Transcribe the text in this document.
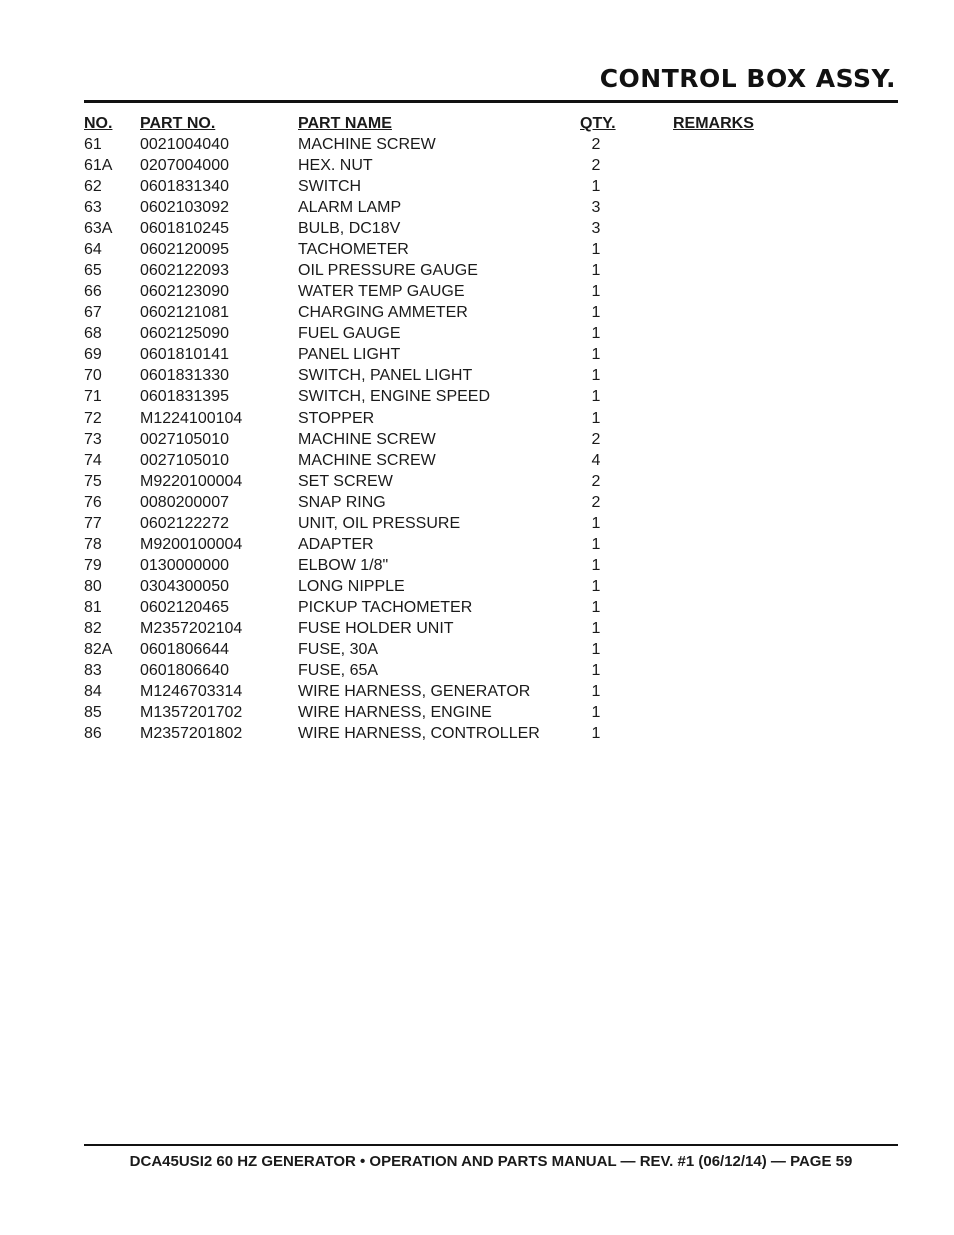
CONTROL BOX ASSY.
NO. PART NO.	PART NAME	QTY.	REMARKS
61 0021004040	MACHINE SCREW	2
61A 0207004000	HEX. NUT	2
62 0601831340	SWITCH	1
63 0602103092	ALARM LAMP	3
63A 0601810245	BULB, DC18V	3
64 0602120095	TACHOMETER	1
65 0602122093	OIL PRESSURE GAUGE	1
66 0602123090	WATER TEMP GAUGE	1
67 0602121081	CHARGING AMMETER	1
68 0602125090	FUEL GAUGE	1
69 0601810141	PANEL LIGHT	1
70 0601831330	SWITCH, PANEL LIGHT	1
71 0601831395	SWITCH, ENGINE SPEED	1
72 M1224100104	STOPPER	1
73 0027105010	MACHINE SCREW	2
74 0027105010	MACHINE SCREW	4
75 M9220100004	SET SCREW	2
76 0080200007	SNAP RING	2
77 0602122272	UNIT, OIL PRESSURE	1
78 M9200100004	ADAPTER	1
79 0130000000	ELBOW 1/8"	1
80 0304300050	LONG NIPPLE	1
81 0602120465	PICKUP TACHOMETER	1
82 M2357202104	FUSE HOLDER UNIT	1
82A 0601806644	FUSE, 30A	1
83 0601806640	FUSE, 65A	1
84 M1246703314	WIRE HARNESS, GENERATOR	1
85 M1357201702	WIRE HARNESS, ENGINE	1
86 M2357201802	WIRE HARNESS, CONTROLLER	1
DCA45USI2 60 HZ GENERATOR • OPERATION AND PARTS MANUAL — REV. #1 (06/12/14) — PAGE 59
